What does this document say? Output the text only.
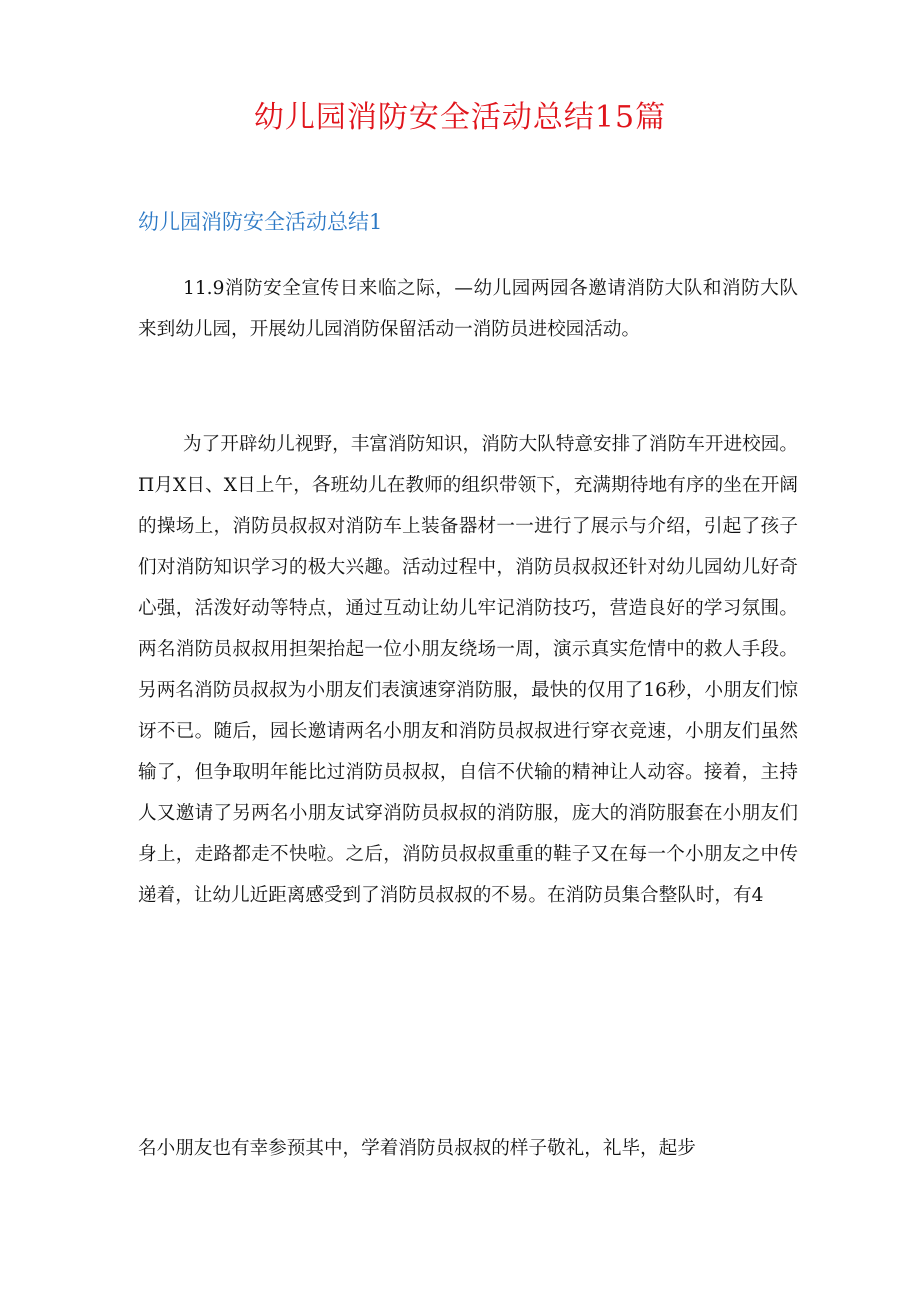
幼儿园消防安全活动总结15篇
幼儿园消防安全活动总结1

11.9消防安全宣传日来临之际，—幼儿园两园各邀请消防大队和消防大队来到幼儿园，开展幼儿园消防保留活动一消防员进校园活动。

为了开辟幼儿视野，丰富消防知识，消防大队特意安排了消防车开进校园。Π月X日、X日上午，各班幼儿在教师的组织带领下，充满期待地有序的坐在开阔的操场上，消防员叔叔对消防车上装备器材一一进行了展示与介绍，引起了孩子们对消防知识学习的极大兴趣。活动过程中，消防员叔叔还针对幼儿园幼儿好奇心强，活泼好动等特点，通过互动让幼儿牢记消防技巧，营造良好的学习氛围。两名消防员叔叔用担架抬起一位小朋友绕场一周，演示真实危情中的救人手段。另两名消防员叔叔为小朋友们表演速穿消防服，最快的仅用了16秒，小朋友们惊讶不已。随后，园长邀请两名小朋友和消防员叔叔进行穿衣竞速，小朋友们虽然输了，但争取明年能比过消防员叔叔，自信不伏输的精神让人动容。接着，主持人又邀请了另两名小朋友试穿消防员叔叔的消防服，庞大的消防服套在小朋友们身上，走路都走不快啦。之后，消防员叔叔重重的鞋子又在每一个小朋友之中传递着，让幼儿近距离感受到了消防员叔叔的不易。在消防员集合整队时，有4

名小朋友也有幸参预其中，学着消防员叔叔的样子敬礼，礼毕，起步
